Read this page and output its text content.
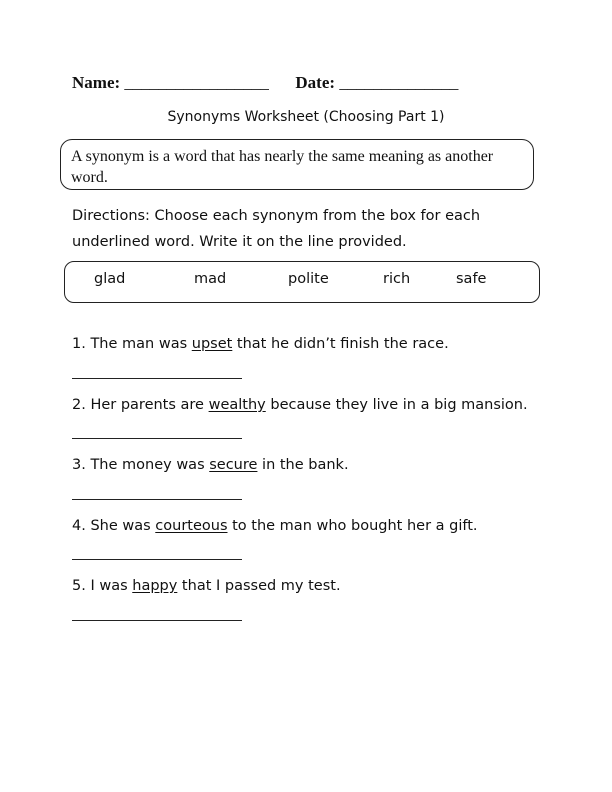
Name: _________________ Date: ______________
Synonyms Worksheet (Choosing Part 1)
A synonym is a word that has nearly the same meaning as another word.
Directions: Choose each synonym from the box for each underlined word. Write it on the line provided.
glad	mad	polite	rich	safe
1. The man was upset that he didn’t finish the race.
2. Her parents are wealthy because they live in a big mansion.
3. The money was secure in the bank.
4. She was courteous to the man who bought her a gift.
5. I was happy that I passed my test.
